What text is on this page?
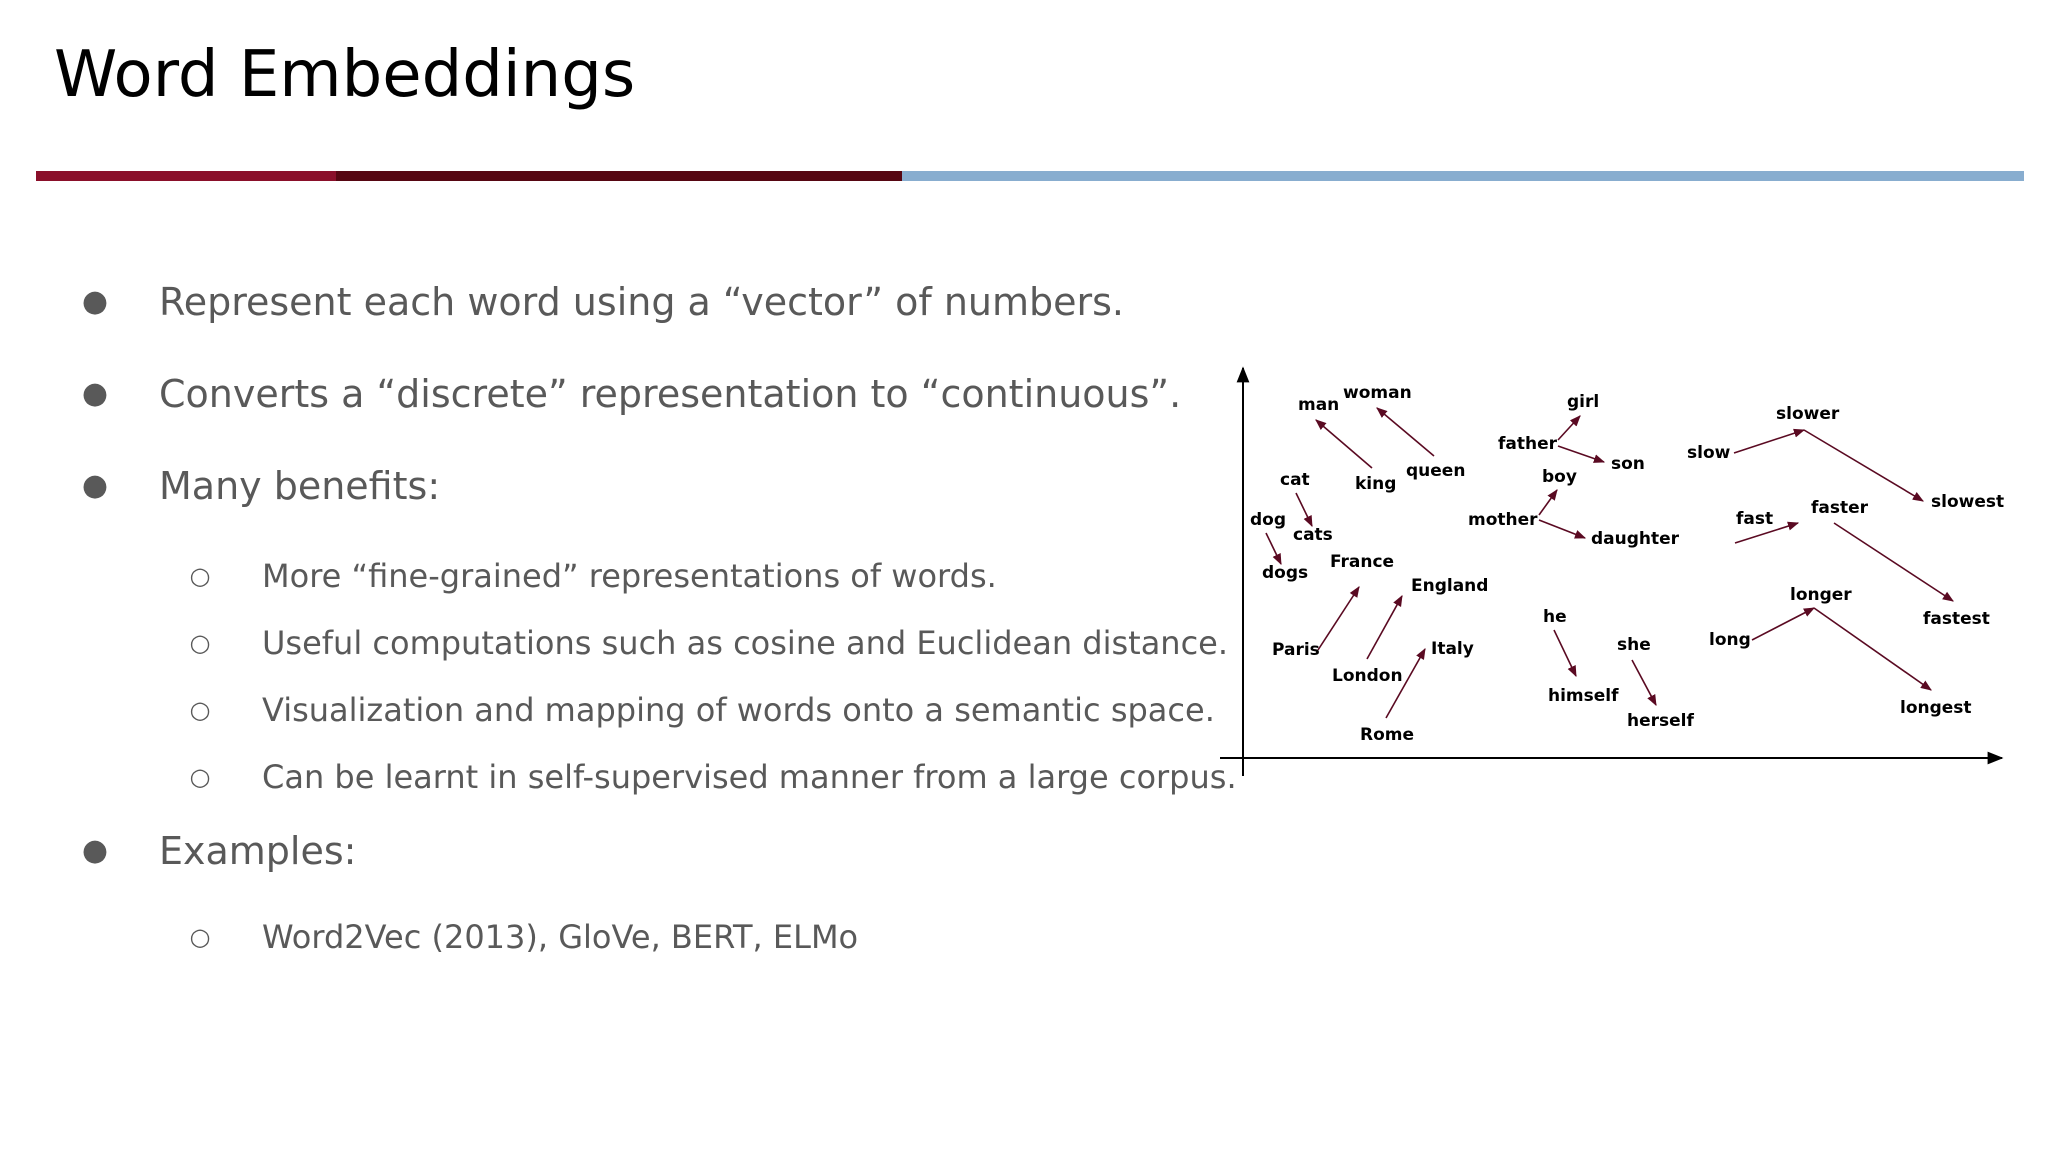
Word Embeddings
● Represent each word using a “vector” of numbers.
● Converts a “discrete” representation to “continuous”.
● Many benefits:
○ More “fine-grained” representations of words.
○ Useful computations such as cosine and Euclidean distance.
○ Visualization and mapping of words onto a semantic space.
○ Can be learnt in self-supervised manner from a large corpus.
● Examples:
○ Word2Vec (2013), GloVe, BERT, ELMo
man
woman
king
queen
cat
cats
dog
dogs
France
Paris
England
London
Italy
Rome
girl
father
son
boy
mother
daughter
he
himself
she
herself
slow
slower
slowest
fast
faster
fastest
long
longer
longest
